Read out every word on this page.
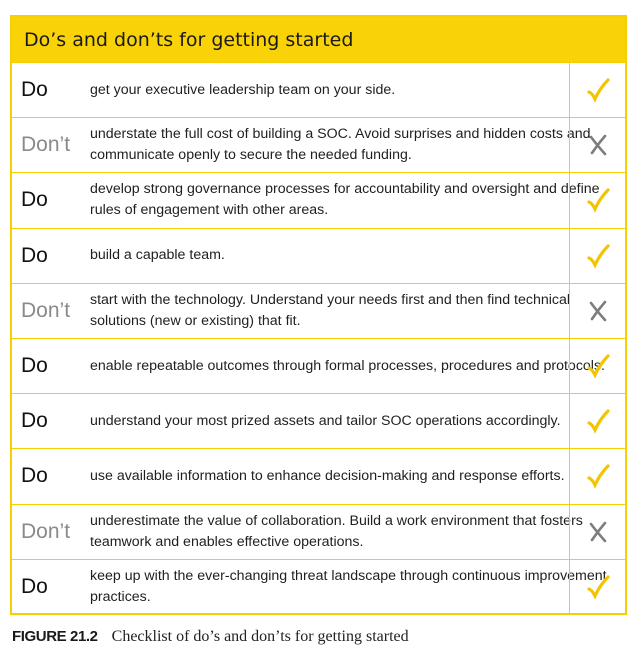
Do’s and don’ts for getting started
Do	get your executive leadership team on your side.
Don’t	understate the full cost of building a SOC. Avoid surprises and hidden costs and communicate openly to secure the needed funding.
Do	develop strong governance processes for accountability and oversight and define rules of engagement with other areas.
Do	build a capable team.
Don’t	start with the technology. Understand your needs first and then find technical solutions (new or existing) that fit.
Do	enable repeatable outcomes through formal processes, procedures and protocols.
Do	understand your most prized assets and tailor SOC operations accordingly.
Do	use available information to enhance decision-making and response efforts.
Don’t	underestimate the value of collaboration. Build a work environment that fosters teamwork and enables effective operations.
Do	keep up with the ever-changing threat landscape through continuous improvement practices.
FIGURE 21.2 Checklist of do’s and don’ts for getting started
